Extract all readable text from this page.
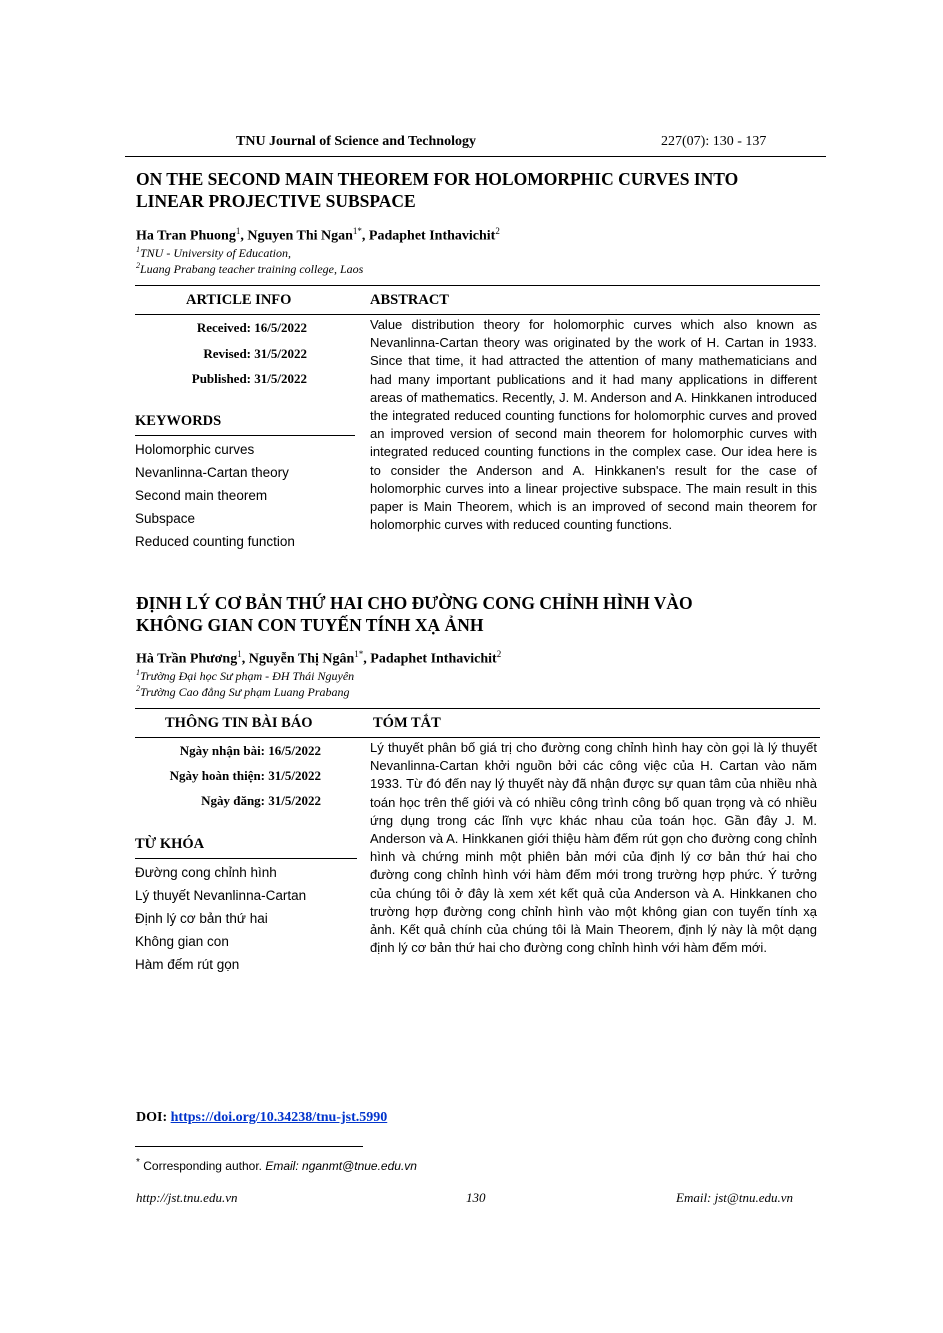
TNU Journal of Science and Technology	227(07): 130 - 137
ON THE SECOND MAIN THEOREM FOR HOLOMORPHIC CURVES INTO
LINEAR PROJECTIVE SUBSPACE
Ha Tran Phuong$^1$, Nguyen Thi Ngan$^{1*}$, Padaphet Inthavichit$^2$
$^1$TNU - University of Education,
$^2$Luang Prabang teacher training college, Laos
ARTICLE INFO	ABSTRACT
Received: 16/5/2022
Revised: 31/5/2022
Published: 31/5/2022
KEYWORDS
Holomorphic curves
Nevanlinna-Cartan theory
Second main theorem
Subspace
Reduced counting function
Value distribution theory for holomorphic curves which also known as Nevanlinna-Cartan theory was originated by the work of H. Cartan in 1933. Since that time, it had attracted the attention of many mathematicians and had many important publications and it had many applications in different areas of mathematics. Recently, J. M. Anderson and A. Hinkkanen introduced the integrated reduced counting functions for holomorphic curves and proved an improved version of second main theorem for holomorphic curves with integrated reduced counting functions in the complex case. Our idea here is to consider the Anderson and A. Hinkkanen's result for the case of holomorphic curves into a linear projective subspace. The main result in this paper is Main Theorem, which is an improved of second main theorem for holomorphic curves with reduced counting functions.
ĐỊNH LÝ CƠ BẢN THỨ HAI CHO ĐƯỜNG CONG CHỈNH HÌNH VÀO
KHÔNG GIAN CON TUYẾN TÍNH XẠ ẢNH
Hà Trần Phương$^1$, Nguyễn Thị Ngân$^{1*}$, Padaphet Inthavichit$^2$
$^1$Trường Đại học Sư phạm - ĐH Thái Nguyên
$^2$Trường Cao đẳng Sư phạm Luang Prabang
THÔNG TIN BÀI BÁO	TÓM TẮT
Ngày nhận bài: 16/5/2022
Ngày hoàn thiện: 31/5/2022
Ngày đăng: 31/5/2022
TỪ KHÓA
Đường cong chỉnh hình
Lý thuyết Nevanlinna-Cartan
Định lý cơ bản thứ hai
Không gian con
Hàm đếm rút gọn
Lý thuyết phân bố giá trị cho đường cong chỉnh hình hay còn gọi là lý thuyết Nevanlinna-Cartan khởi nguồn bởi các công việc của H. Cartan vào năm 1933. Từ đó đến nay lý thuyết này đã nhận được sự quan tâm của nhiều nhà toán học trên thế giới và có nhiều công trình công bố quan trọng và có nhiều ứng dụng trong các lĩnh vực khác nhau của toán học. Gần đây J. M. Anderson và A. Hinkkanen giới thiệu hàm đếm rút gọn cho đường cong chỉnh hình và chứng minh một phiên bản mới của định lý cơ bản thứ hai cho đường cong chỉnh hình với hàm đếm mới trong trường hợp phức. Ý tưởng của chúng tôi ở đây là xem xét kết quả của Anderson và A. Hinkkanen cho trường hợp đường cong chỉnh hình vào một không gian con tuyến tính xạ ảnh. Kết quả chính của chúng tôi là Main Theorem, định lý này là một dạng định lý cơ bản thứ hai cho đường cong chỉnh hình với hàm đếm mới.
DOI: https://doi.org/10.34238/tnu-jst.5990
* Corresponding author. Email: nganmt@tnue.edu.vn
http://jst.tnu.edu.vn	130	Email: jst@tnu.edu.vn
